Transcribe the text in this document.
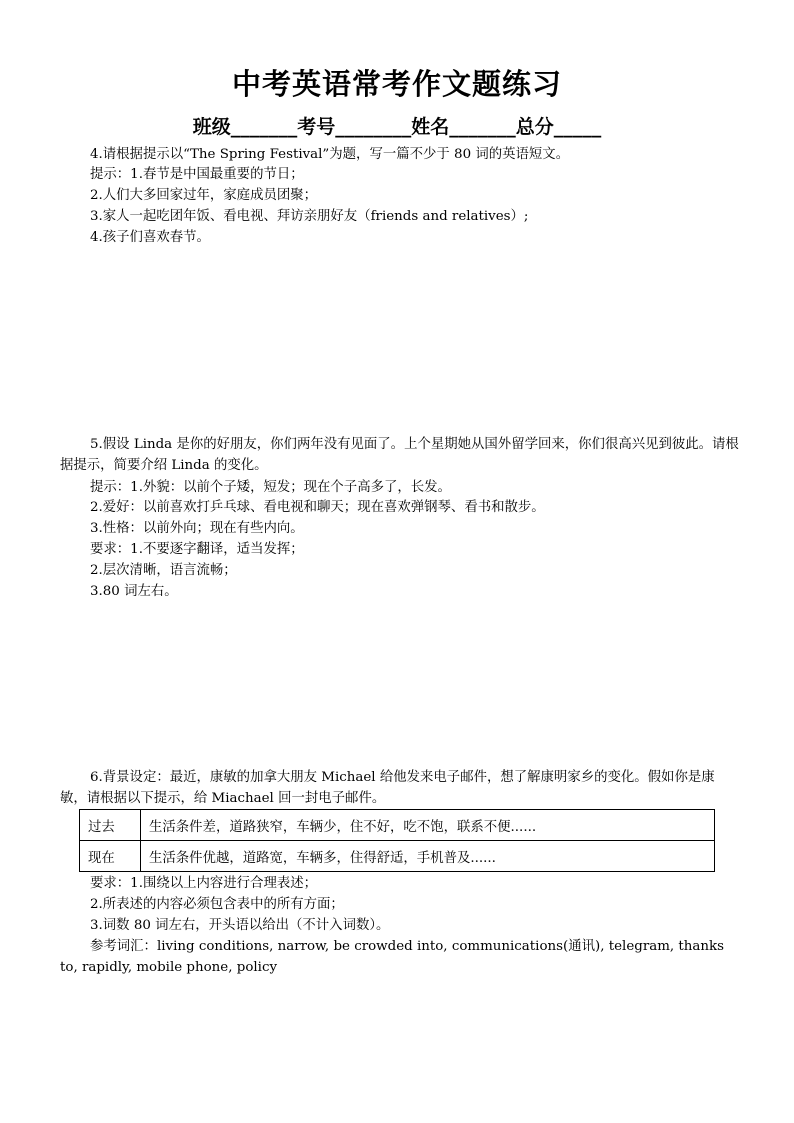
中考英语常考作文题练习
班级_______考号________姓名_______总分_____
4.请根据提示以“The Spring Festival”为题，写一篇不少于 80 词的英语短文。
提示：1.春节是中国最重要的节日；
2.人们大多回家过年，家庭成员团聚；
3.家人一起吃团年饭、看电视、拜访亲朋好友（friends and relatives）;
4.孩子们喜欢春节。

5.假设 Linda 是你的好朋友，你们两年没有见面了。上个星期她从国外留学回来，你们很高兴见到彼此。请根据提示，简要介绍 Linda 的变化。

提示：1.外貌：以前个子矮，短发；现在个子高多了，长发。
2.爱好：以前喜欢打乒乓球、看电视和聊天；现在喜欢弹钢琴、看书和散步。
3.性格：以前外向；现在有些内向。
要求：1.不要逐字翻译，适当发挥；
2.层次清晰，语言流畅；
3.80 词左右。

6.背景设定：最近，康敏的加拿大朋友 Michael 给他发来电子邮件，想了解康明家乡的变化。假如你是康敏，请根据以下提示，给 Miachael 回一封电子邮件。

过去	生活条件差，道路狭窄，车辆少，住不好，吃不饱，联系不便......
现在	生活条件优越，道路宽，车辆多，住得舒适，手机普及......
要求：1.围绕以上内容进行合理表述；
2.所表述的内容必须包含表中的所有方面；
3.词数 80 词左右，开头语以给出（不计入词数）。

参考词汇：living conditions, narrow, be crowded into, communications(通讯), telegram, thanks to, rapidly, mobile phone, policy
